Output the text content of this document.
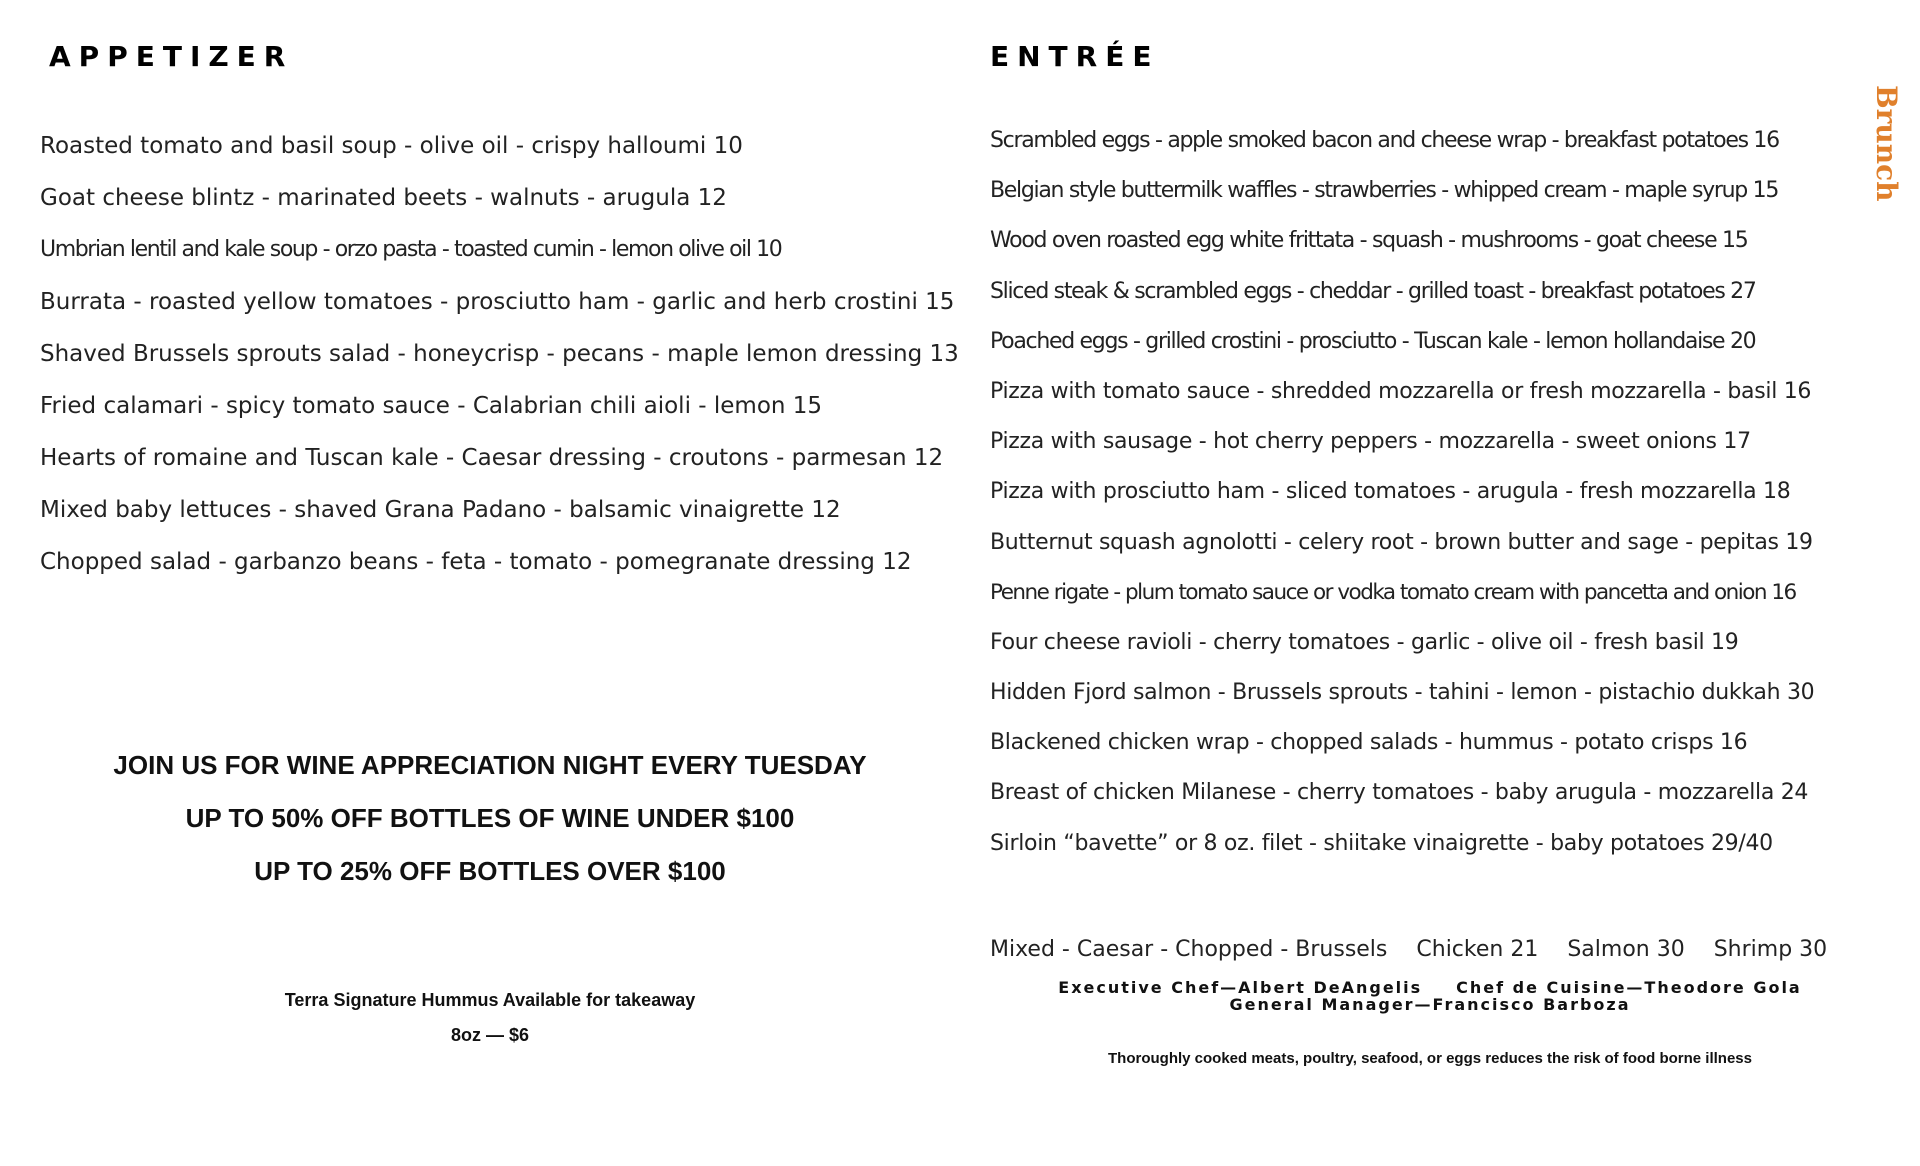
APPETIZER
Roasted tomato and basil soup - olive oil - crispy halloumi 10
Goat cheese blintz - marinated beets - walnuts - arugula 12
Umbrian lentil and kale soup - orzo pasta - toasted cumin - lemon olive oil 10
Burrata - roasted yellow tomatoes - prosciutto ham - garlic and herb crostini 15
Shaved Brussels sprouts salad - honeycrisp - pecans - maple lemon dressing 13
Fried calamari - spicy tomato sauce - Calabrian chili aioli - lemon 15
Hearts of romaine and Tuscan kale - Caesar dressing - croutons - parmesan 12
Mixed baby lettuces - shaved Grana Padano - balsamic vinaigrette 12
Chopped salad - garbanzo beans - feta - tomato - pomegranate dressing 12
ENTRÉE
Scrambled eggs - apple smoked bacon and cheese wrap - breakfast potatoes 16
Belgian style buttermilk waffles - strawberries - whipped cream - maple syrup 15
Wood oven roasted egg white frittata - squash - mushrooms - goat cheese 15
Sliced steak & scrambled eggs - cheddar - grilled toast - breakfast potatoes 27
Poached eggs - grilled crostini - prosciutto - Tuscan kale - lemon hollandaise 20
Pizza with tomato sauce - shredded mozzarella or fresh mozzarella - basil 16
Pizza with sausage - hot cherry peppers - mozzarella - sweet onions 17
Pizza with prosciutto ham - sliced tomatoes - arugula - fresh mozzarella 18
Butternut squash agnolotti - celery root - brown butter and sage - pepitas 19
Penne rigate - plum tomato sauce or vodka tomato cream with pancetta and onion 16
Four cheese ravioli - cherry tomatoes - garlic - olive oil - fresh basil 19
Hidden Fjord salmon - Brussels sprouts - tahini - lemon - pistachio dukkah 30
Blackened chicken wrap - chopped salads - hummus - potato crisps 16
Breast of chicken Milanese - cherry tomatoes - baby arugula - mozzarella 24
Sirloin “bavette” or 8 oz. filet - shiitake vinaigrette - baby potatoes 29/40
JOIN US FOR WINE APPRECIATION NIGHT EVERY TUESDAY
UP TO 50% OFF BOTTLES OF WINE UNDER $100
UP TO 25% OFF BOTTLES OVER $100
Terra Signature Hummus Available for takeaway
8oz — $6
Mixed - Caesar - Chopped - Brussels Chicken 21 Salmon 30 Shrimp 30
Executive Chef—Albert DeAngelis Chef de Cuisine—Theodore Gola
General Manager—Francisco Barboza
Thoroughly cooked meats, poultry, seafood, or eggs reduces the risk of food borne illness
Brunch
